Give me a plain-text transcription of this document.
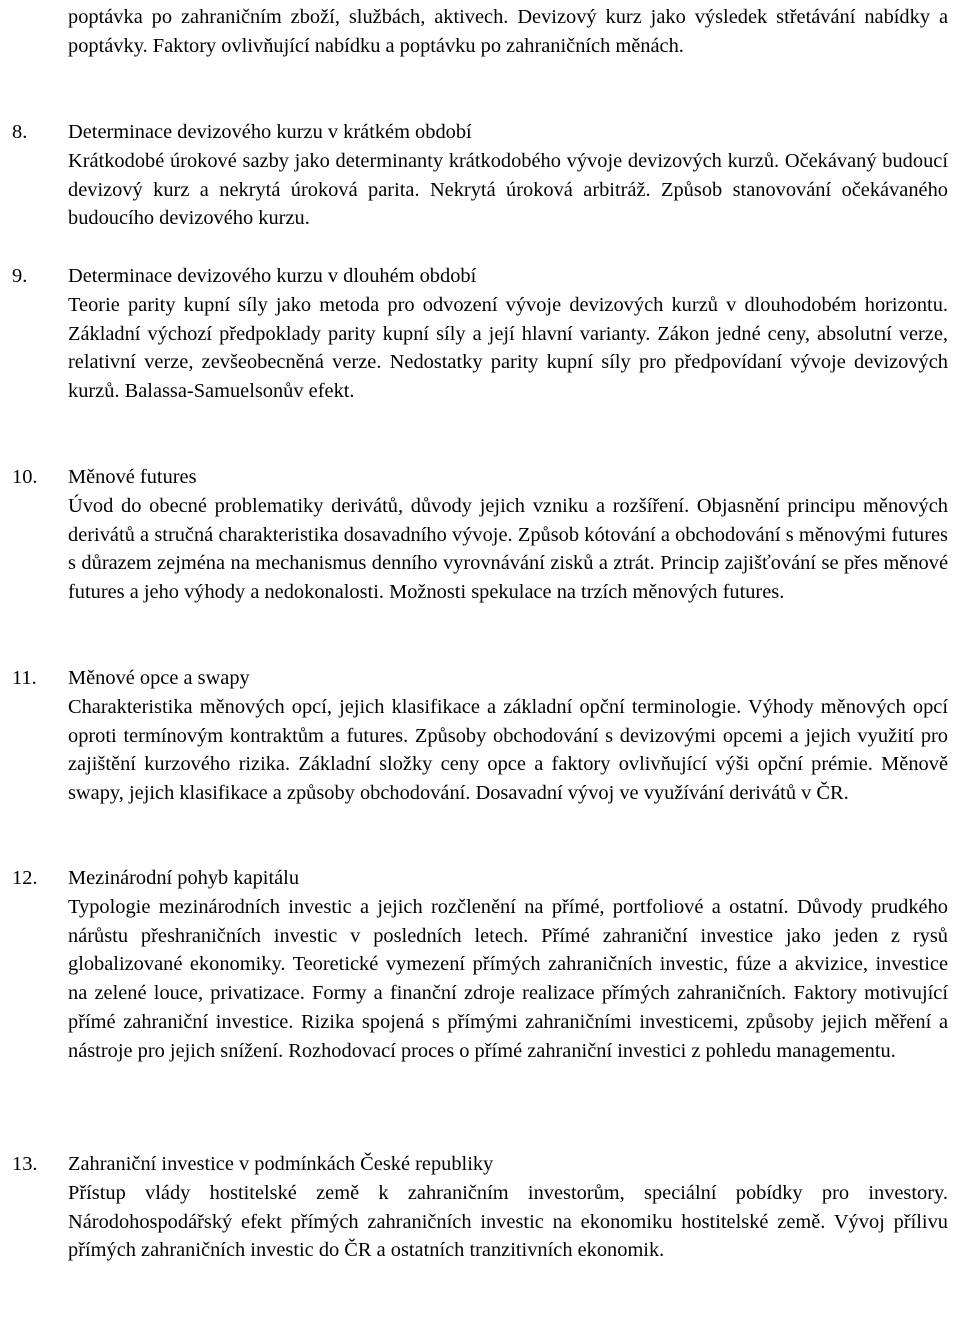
poptávka po zahraničním zboží, službách, aktivech. Devizový kurz jako výsledek střetávání nabídky a poptávky. Faktory ovlivňující nabídku a poptávku po zahraničních měnách.
8.	Determinace devizového kurzu v krátkém období
Krátkodobé úrokové sazby jako determinanty krátkodobého vývoje devizových kurzů. Očekávaný budoucí devizový kurz a nekrytá úroková parita. Nekrytá úroková arbitráž. Způsob stanovování očekávaného budoucího devizového kurzu.
9.	Determinace devizového kurzu v dlouhém období
Teorie parity kupní síly jako metoda pro odvození vývoje devizových kurzů v dlouhodobém horizontu. Základní výchozí předpoklady parity kupní síly a její hlavní varianty. Zákon jedné ceny, absolutní verze, relativní verze, zevšeobecněná verze. Nedostatky parity kupní síly pro předpovídaní vývoje devizových kurzů. Balassa-Samuelsonův efekt.
10.	Měnové futures
Úvod do obecné problematiky derivátů, důvody jejich vzniku a rozšíření. Objasnění principu měnových derivátů a stručná charakteristika dosavadního vývoje. Způsob kótování a obchodování s měnovými futures s důrazem zejména na mechanismus denního vyrovnávání zisků a ztrát. Princip zajišťování se přes měnové futures a jeho výhody a nedokonalosti. Možnosti spekulace na trzích měnových futures.
11.	Měnové opce a swapy
Charakteristika měnových opcí, jejich klasifikace a základní opční terminologie. Výhody měnových opcí oproti termínovým kontraktům a futures. Způsoby obchodování s devizovými opcemi a jejich využití pro zajištění kurzového rizika. Základní složky ceny opce a faktory ovlivňující výši opční prémie. Měnově swapy, jejich klasifikace a způsoby obchodování. Dosavadní vývoj ve využívání derivátů v ČR.
12.	Mezinárodní pohyb kapitálu
Typologie mezinárodních investic a jejich rozčlenění na přímé, portfoliové a ostatní. Důvody prudkého nárůstu přeshraničních investic v posledních letech. Přímé zahraniční investice jako jeden z rysů globalizované ekonomiky. Teoretické vymezení přímých zahraničních investic, fúze a akvizice, investice na zelené louce, privatizace. Formy a finanční zdroje realizace přímých zahraničních. Faktory motivující přímé zahraniční investice. Rizika spojená s přímými zahraničními investicemi, způsoby jejich měření a nástroje pro jejich snížení. Rozhodovací proces o přímé zahraniční investici z pohledu managementu.
13.	Zahraniční investice v podmínkách České republiky
Přístup vlády hostitelské země k zahraničním investorům, speciální pobídky pro investory. Národohospodářský efekt přímých zahraničních investic na ekonomiku hostitelské země. Vývoj přílivu přímých zahraničních investic do ČR a ostatních tranzitivních ekonomik.
